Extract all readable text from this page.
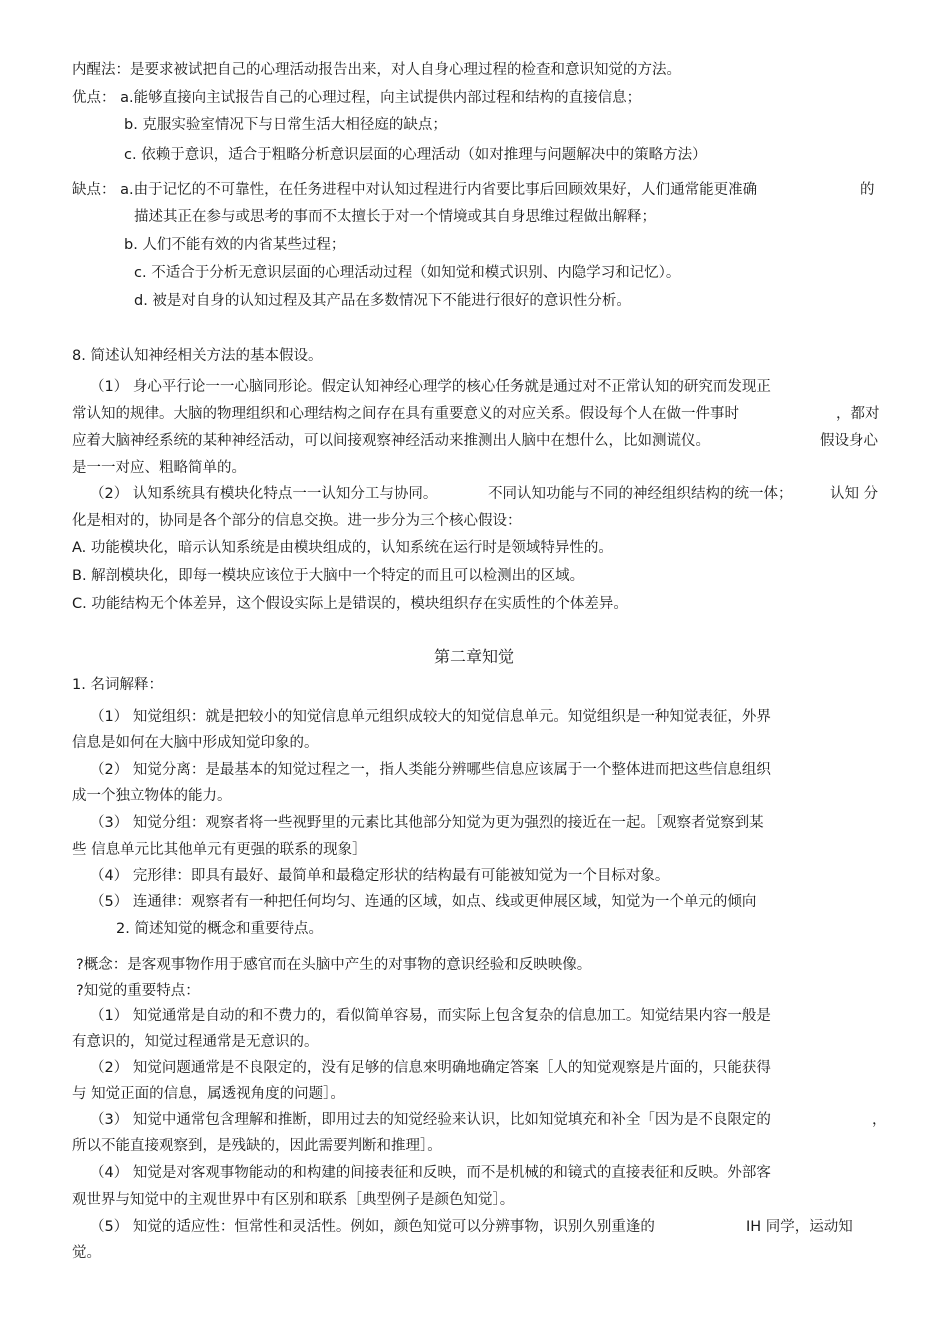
内醒法：是要求被试把自己的心理活动报告出来，对人自身心理过程的检查和意识知觉的方法。
优点： a.能够直接向主试报告自己的心理过程，向主试提供内部过程和结构的直接信息；
b. 克服实验室情况下与日常生活大相径庭的缺点；
c. 依赖于意识，适合于粗略分析意识层面的心理活动（如对推理与问题解决中的策略方法）
缺点： a.由于记忆的不可靠性，在任务进程中对认知过程进行内省要比事后回顾效果好，人们通常能更准确	的
描述其正在参与或思考的事而不太擅长于对一个情境或其自身思维过程做出解释；
b. 人们不能有效的内省某些过程；
c. 不适合于分析无意识层面的心理活动过程（如知觉和模式识别、内隐学习和记忆）。
d. 被是对自身的认知过程及其产品在多数情况下不能进行很好的意识性分析。
8. 简述认知神经相关方法的基本假设。
（1） 身心平行论一一心脑同形论。假定认知神经心理学的核心任务就是通过对不正常认知的研究而发现正
常认知的规律。大脑的物理组织和心理结构之间存在具有重要意义的对应关系。假设每个人在做一件事时	，都对
应着大脑神经系统的某种神经活动，可以间接观察神经活动来推测出人脑中在想什么，比如测谎仪。	假设身心
是一一对应、粗略简单的。
（2） 认知系统具有模块化特点一一认知分工与协同。	不同认知功能与不同的神经组织结构的统一体；	认知 分
化是相对的，协同是各个部分的信息交换。进一步分为三个核心假设：
A. 功能模块化，暗示认知系统是由模块组成的，认知系统在运行时是领域特异性的。
B. 解剖模块化，即每一模块应该位于大脑中一个特定的而且可以检测出的区域。
C. 功能结构无个体差异，这个假设实际上是错误的，模块组织存在实质性的个体差异。
第二章知觉
1. 名词解释：
（1） 知觉组织：就是把较小的知觉信息单元组织成较大的知觉信息单元。知觉组织是一种知觉表征，外界
信息是如何在大脑中形成知觉印象的。
（2） 知觉分离：是最基本的知觉过程之一，指人类能分辨哪些信息应该属于一个整体进而把这些信息组织
成一个独立物体的能力。
（3） 知觉分组：观察者将一些视野里的元素比其他部分知觉为更为强烈的接近在一起。［观察者觉察到某
些 信息单元比其他单元有更强的联系的现象］
（4） 完形律：即具有最好、最简单和最稳定形状的结构最有可能被知觉为一个目标对象。
（5） 连通律：观察者有一种把任何均匀、连通的区域，如点、线或更伸展区域，知觉为一个单元的倾向
2. 简述知觉的概念和重要待点。
?概念：是客观事物作用于感官而在头脑中产生的对事物的意识经验和反映映像。
?知觉的重要特点：
（1） 知觉通常是自动的和不费力的，看似简单容易，而实际上包含复杂的信息加工。知觉结果内容一般是
有意识的，知觉过程通常是无意识的。
（2） 知觉问题通常是不良限定的，没有足够的信息來明确地确定答案［人的知觉观察是片面的，只能获得
与 知觉正面的信息，属透视角度的问题］。
（3） 知觉中通常包含理解和推断，即用过去的知觉经验来认识，比如知觉填充和补全「因为是不良限定的	，
所以不能直接观察到，是残缺的，因此需要判断和推理］。
（4） 知觉是对客观事物能动的和构建的间接表征和反映，而不是机械的和镜式的直接表征和反映。外部客
观世界与知觉中的主观世界中有区别和联系［典型例子是颜色知觉］。
（5） 知觉的适应性：恒常性和灵活性。例如，颜色知觉可以分辨事物，识别久别重逢的	IH 同学，运动知
觉。
